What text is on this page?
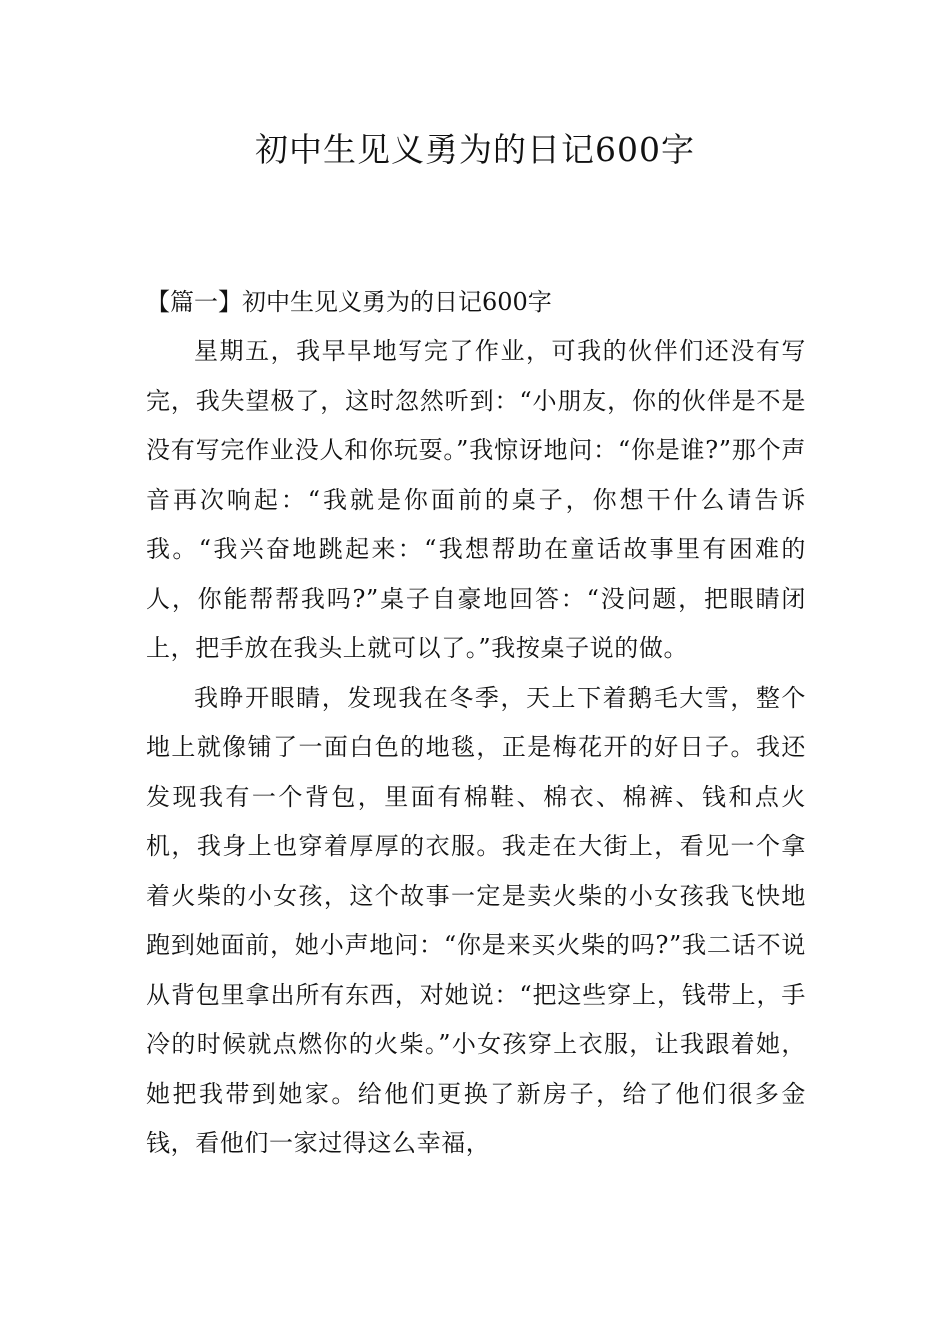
初中生见义勇为的日记600字

【篇一】初中生见义勇为的日记600字

星期五，我早早地写完了作业，可我的伙伴们还没有写完，我失望极了，这时忽然听到：“小朋友，你的伙伴是不是没有写完作业没人和你玩耍。”我惊讶地问：“你是谁?”那个声音再次响起：“我就是你面前的桌子，你想干什么请告诉我。“我兴奋地跳起来：“我想帮助在童话故事里有困难的人，你能帮帮我吗?”桌子自豪地回答：“没问题，把眼睛闭上，把手放在我头上就可以了。”我按桌子说的做。

我睁开眼睛，发现我在冬季，天上下着鹅毛大雪，整个地上就像铺了一面白色的地毯，正是梅花开的好日子。我还发现我有一个背包，里面有棉鞋、棉衣、棉裤、钱和点火机，我身上也穿着厚厚的衣服。我走在大街上，看见一个拿着火柴的小女孩，这个故事一定是卖火柴的小女孩我飞快地跑到她面前，她小声地问：“你是来买火柴的吗?”我二话不说从背包里拿出所有东西，对她说：“把这些穿上，钱带上，手冷的时候就点燃你的火柴。”小女孩穿上衣服，让我跟着她，她把我带到她家。给他们更换了新房子，给了他们很多金钱，看他们一家过得这么幸福，
